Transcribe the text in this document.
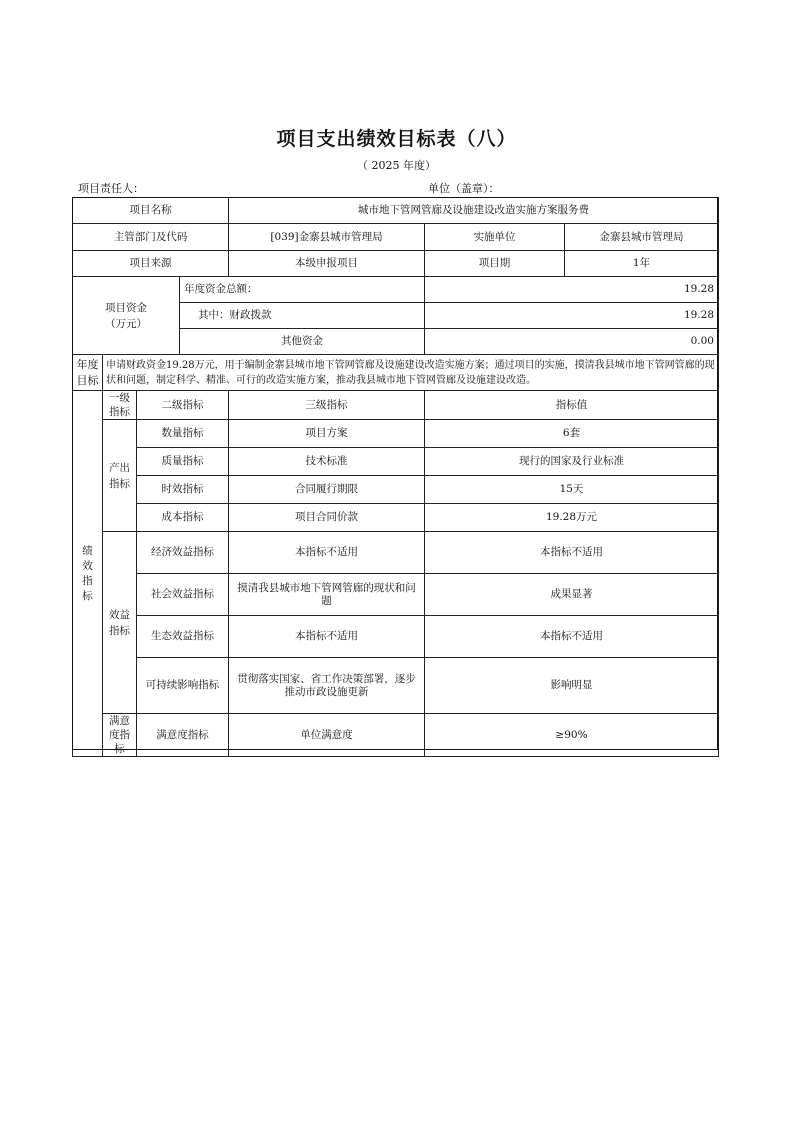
项目支出绩效目标表（八）
（ 2025 年度）
项目责任人：	单位（盖章）：
项目名称				城市地下管网管廊及设施建设改造实施方案服务费		
主管部门及代码				[039]金寨县城市管理局	实施单位	金寨县城市管理局
项目来源				本级申报项目	项目期	1年
项目资金
（万元）			年度资金总额：		19.28	
			其中：财政拨款		19.28	
			其他资金		0.00	
年度目标	申请财政资金19.28万元，用于编制金寨县城市地下管网管廊及设施建设改造实施方案；通过项目的实施，摸清我县城市地下管网管廊的现状和问题，制定科学、精准、可行的改造实施方案，推动我县城市地下管网管廊及设施建设改造。					
绩效指标	一级指标	二级指标		三级指标	指标值	
	产出指标	数量指标		项目方案	6套	
		质量指标		技术标准	现行的国家及行业标准	
		时效指标		合同履行期限	15天	
		成本指标		项目合同价款	19.28万元	
	效益指标	经济效益指标		本指标不适用	本指标不适用	
		社会效益指标		摸清我县城市地下管网管廊的现状和问题	成果显著	
		生态效益指标		本指标不适用	本指标不适用	
		可持续影响指标		贯彻落实国家、省工作决策部署，逐步推动市政设施更新	影响明显	
	满意度指标	满意度指标		单位满意度	≥90%	
